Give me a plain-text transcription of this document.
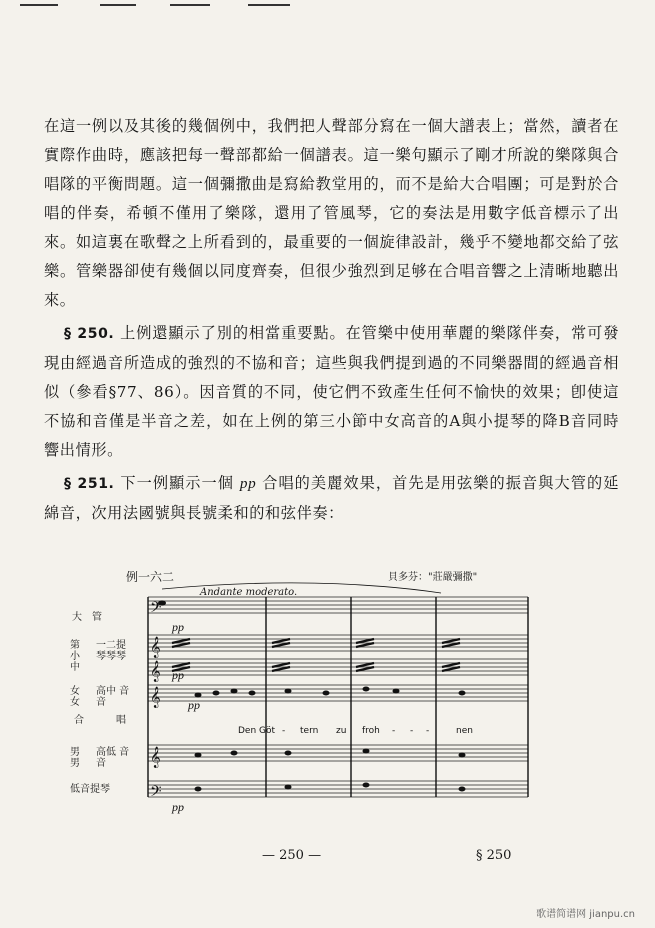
在這一例以及其後的幾個例中，我們把人聲部分寫在一個大譜表上；當然，讀者在實際作曲時，應該把每一聲部都給一個譜表。這一樂句顯示了剛才所說的樂隊與合唱隊的平衡問題。這一個彌撒曲是寫給教堂用的，而不是給大合唱團；可是對於合唱的伴奏，希頓不僅用了樂隊，還用了管風琴，它的奏法是用數字低音標示了出來。如這裏在歌聲之上所看到的，最重要的一個旋律設計，幾乎不變地都交給了弦樂。管樂器卻使有幾個以同度齊奏，但很少強烈到足够在合唱音響之上清晰地聽出來。

§ 250. 上例還顯示了別的相當重要點。在管樂中使用華麗的樂隊伴奏，常可發現由經過音所造成的強烈的不協和音；這些與我們提到過的不同樂器間的經過音相似（參看§77、86）。因音質的不同，使它們不致產生任何不愉快的效果；卽使這不協和音僅是半音之差，如在上例的第三小節中女高音的A與小提琴的降B音同時響出情形。

§ 251. 下一例顯示一個 pp 合唱的美麗效果，首先是用弦樂的振音與大管的延綿音，次用法國號與長號柔和的和弦伴奏：

例一六二	貝多芬："莊嚴彌撒"
Andante moderato.
大　管
第小中
一二提 琴琴琴
女女
高中 音音
合	唱
男男
高低 音音
低音提琴
𝄢
𝄞
𝄞
𝄞
𝄞
𝄢
pp
pp
pp
pp
Den Göt - tern zu froh - - -	nen
— 250 —	§ 250
歌谱简谱网 jianpu.cn
